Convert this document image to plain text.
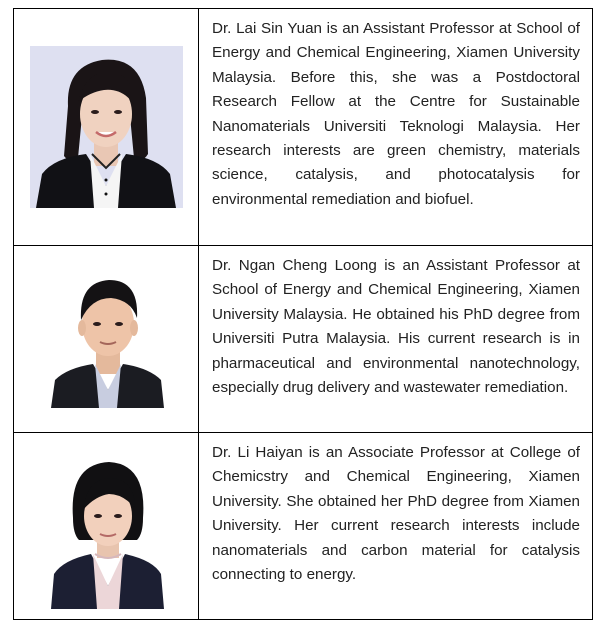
Dr. Lai Sin Yuan is an Assistant Professor at School of Energy and Chemical Engineering, Xiamen University Malaysia. Before this, she was a Postdoctoral Research Fellow at the Centre for Sustainable Nanomaterials Universiti Teknologi Malaysia. Her research interests are green chemistry, materials science, catalysis, and photocatalysis for environmental remediation and biofuel.

Dr. Ngan Cheng Loong is an Assistant Professor at School of Energy and Chemical Engineering, Xiamen University Malaysia. He obtained his PhD degree from Universiti Putra Malaysia. His current research is in pharmaceutical and environmental nanotechnology, especially drug delivery and wastewater remediation.

Dr. Li Haiyan is an Associate Professor at College of Chemicstry and Chemical Engineering, Xiamen University. She obtained her PhD degree from Xiamen University. Her current research interests include nanomaterials and carbon material for catalysis connecting to energy.
